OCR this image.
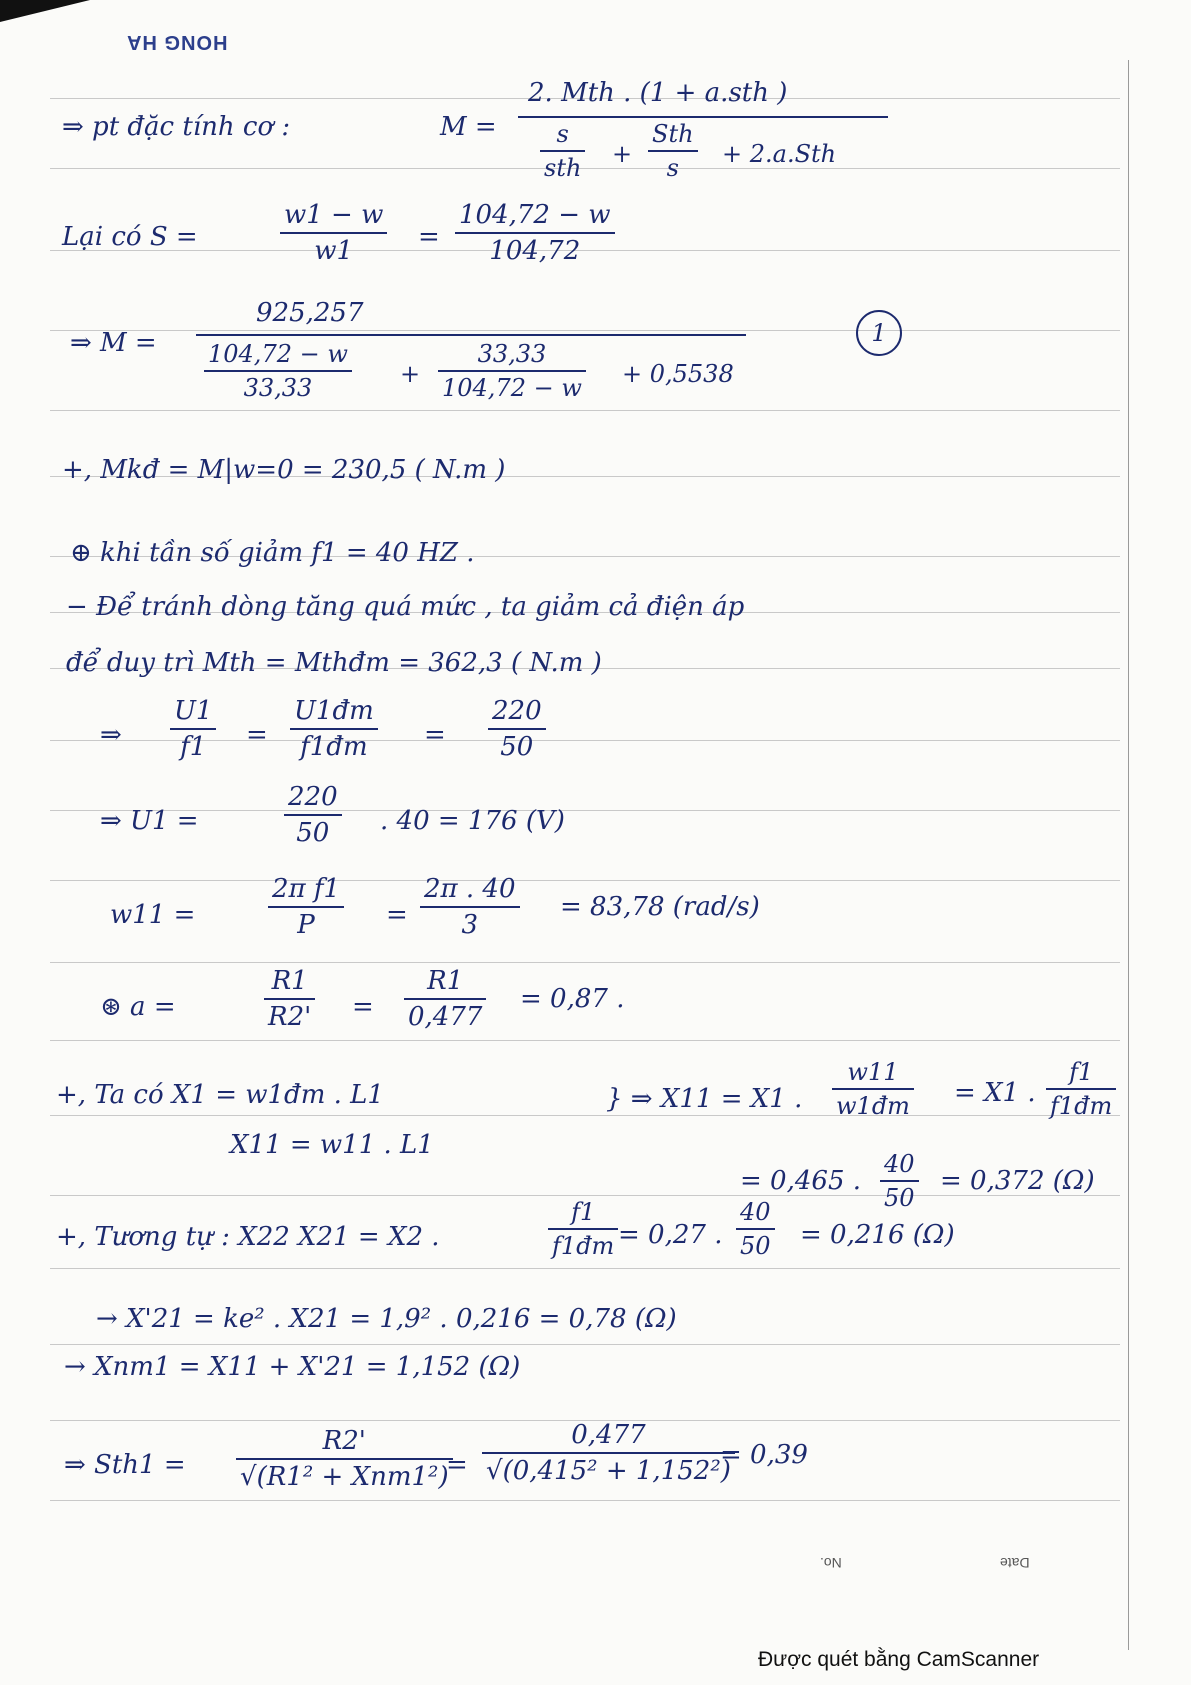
HONG HA
⇒ pt đặc tính cơ :	M =
2. Mth . (1 + a.sth )
s
sth +
Sth
s	+ 2.a.Sth
Lại có S =
w1 − w
w1	=
104,72 − w
104,72
⇒ M =
925,257
104,72 − w
33,33	+
33,33
104,72 − w + 0,5538
1
+, Mkđ = M|w=0 = 230,5 ( N.m )
⊕ khi tần số giảm f1 = 40 HZ .
− Để tránh dòng tăng quá mức , ta giảm cả điện áp
để duy trì Mth = Mthđm = 362,3 ( N.m )
⇒
U1
f1	=
U1đm
f1đm	=
220
50
⇒ U1 =
220
50	. 40 = 176 (V)
w11 =
2π f1
P	=
2π . 40
3
= 83,78 (rad/s)
⊛ a =
R1
R2' =
R1
0,477
= 0,87 .
+, Ta có X1 = w1đm . L1
X11 = w11 . L1
} ⇒ X11 = X1 .
w11
w1đm = X1 .
f1
f1đm
= 0,465 .
40
50
= 0,372 (Ω)
+, Tương tự : X22 X21 = X2 .
f1
f1đm = 0,27 .
40
50 = 0,216 (Ω)
→ X'21 = ke² . X21 = 1,9² . 0,216 = 0,78 (Ω)
→ Xnm1 = X11 + X'21 = 1,152 (Ω)
⇒ Sth1 =
R2'
√(R1² + Xnm1²)
=
0,477
√(0,415² + 1,152²)
= 0,39
Date
No.
Được quét bằng CamScanner
